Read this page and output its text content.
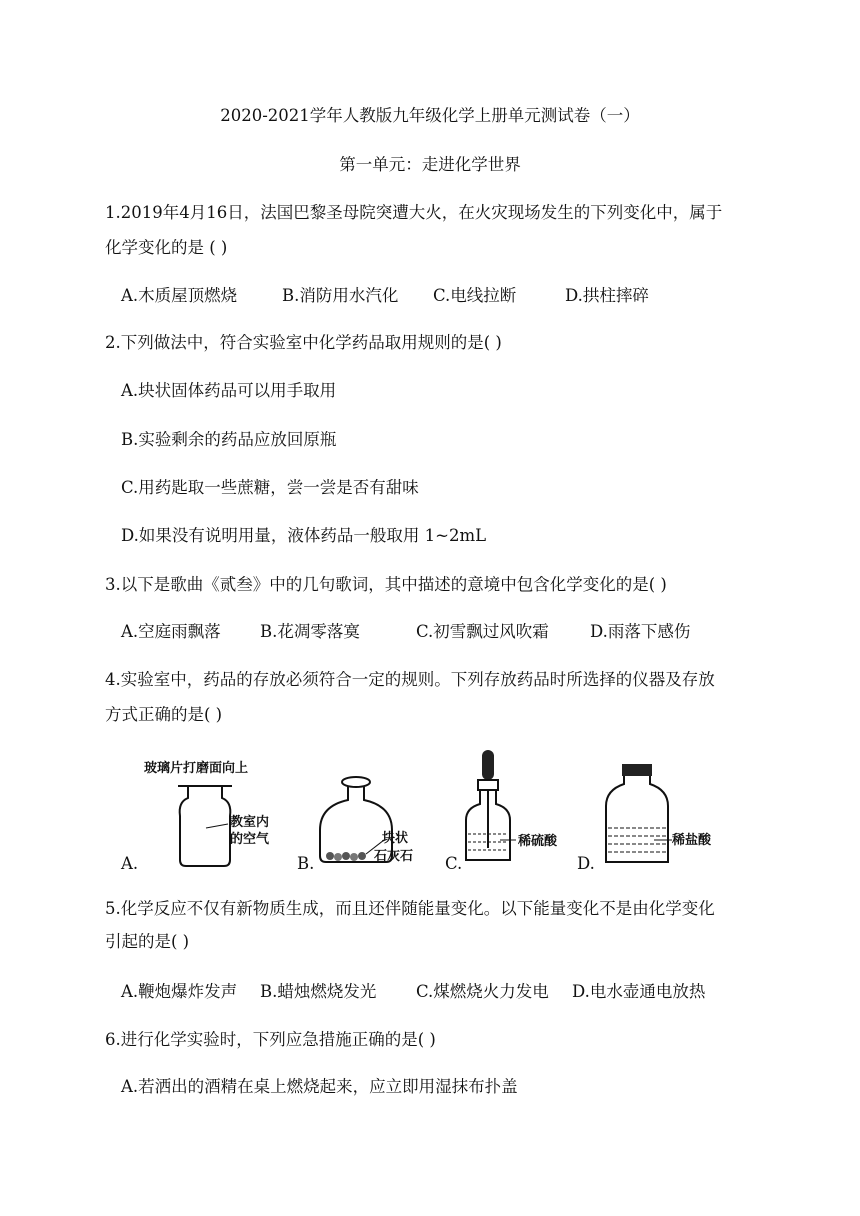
2020-2021学年人教版九年级化学上册单元测试卷（一）
第一单元：走进化学世界
1.2019年4月16日，法国巴黎圣母院突遭大火，在火灾现场发生的下列变化中，属于
化学变化的是 ( )
A.木质屋顶燃烧	B.消防用水汽化 C.电线拉断	D.拱柱摔碎
2.下列做法中，符合实验室中化学药品取用规则的是( )
A.块状固体药品可以用手取用
B.实验剩余的药品应放回原瓶
C.用药匙取一些蔗糖，尝一尝是否有甜味
D.如果没有说明用量，液体药品一般取用 1~2mL
3.以下是歌曲《贰叁》中的几句歌词，其中描述的意境中包含化学变化的是( )
A.空庭雨飘落 B.花凋零落寞	C.初雪飘过风吹霜 D.雨落下感伤
4.实验室中，药品的存放必须符合一定的规则。下列存放药品时所选择的仪器及存放
方式正确的是( )
A.
玻璃片打磨面向上
教室内
的空气
B.
块状
石灰石 C.
稀硫酸
D.
稀盐酸
5.化学反应不仅有新物质生成，而且还伴随能量变化。以下能量变化不是由化学变化
引起的是( )
A.鞭炮爆炸发声 B.蜡烛燃烧发光 C.煤燃烧火力发电 D.电水壶通电放热
6.进行化学实验时，下列应急措施正确的是( )
A.若洒出的酒精在桌上燃烧起来，应立即用湿抹布扑盖
